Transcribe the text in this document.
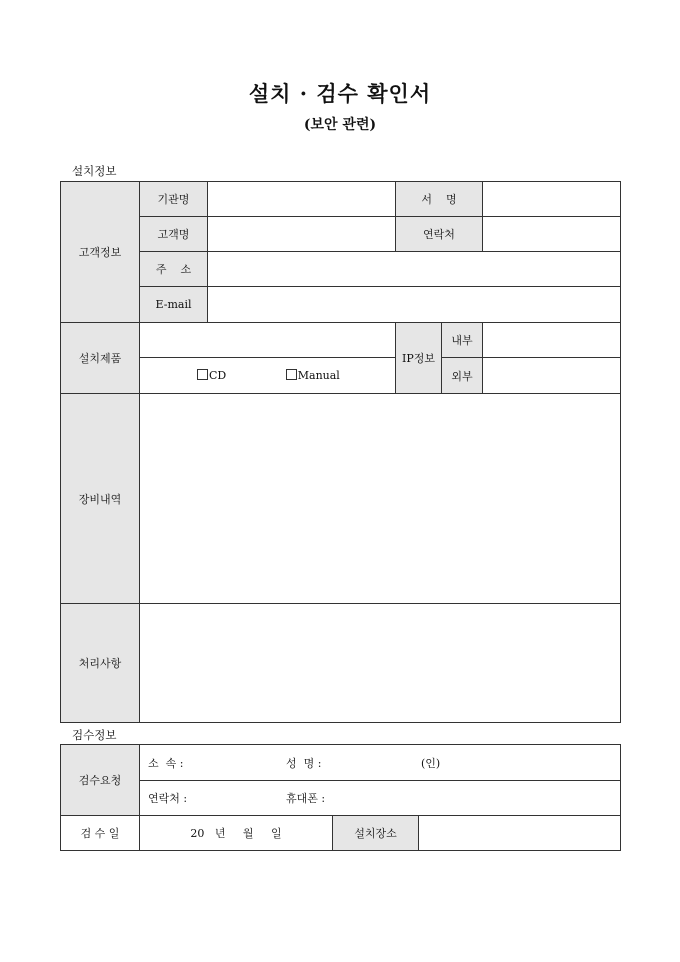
설치 · 검수 확인서
(보안 관련)
설치정보
고객정보	기관명		서    명		
	고객명		연락처		
	주    소				
	E-mail				
설치제품			IP정보	내부	
	CD Manual			외부	
장비내역					
처리사항					
검수정보
검수요청	소  속 : 성  명 : (인)		
	연락처 : 휴대폰 :		
검 수 일	20   년     월     일	설치장소	
